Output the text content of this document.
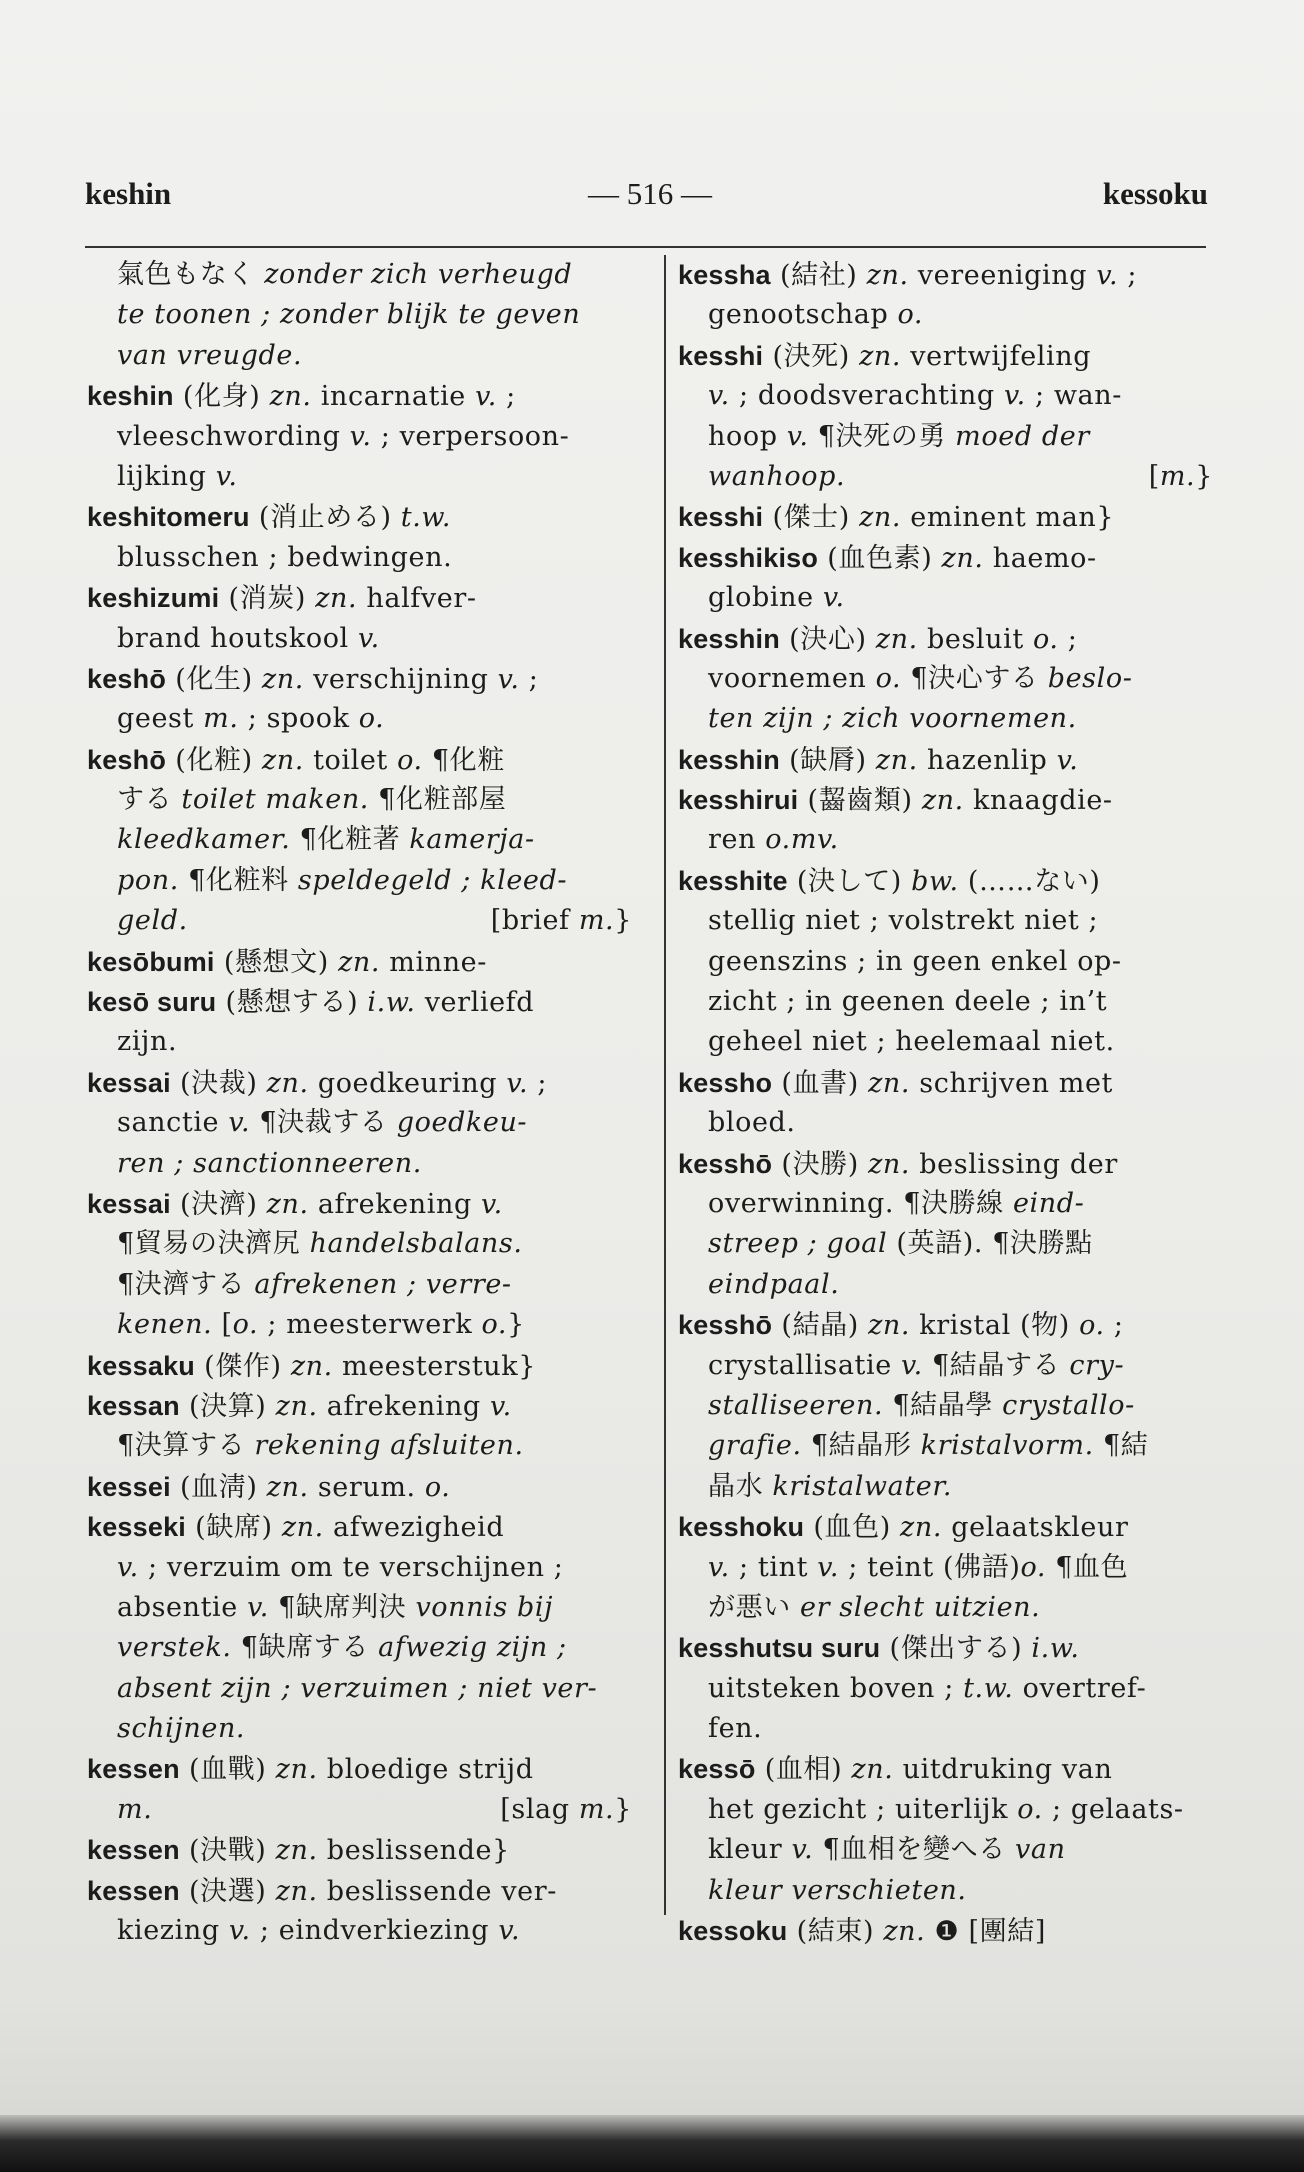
keshin	— 516 —	kessoku
氣色もなく zonder zich verheugd
te toonen ; zonder blijk te geven
van vreugde.
keshin (化身) zn. incarnatie v. ;
vleeschwording v. ; verpersoon-
lijking v.
keshitomeru (消止める) t.w.
blusschen ; bedwingen.
keshizumi (消炭) zn. halfver-
brand houtskool v.
keshō (化生) zn. verschijning v. ;
geest m. ; spook o.
keshō (化粧) zn. toilet o. ¶化粧
する toilet maken. ¶化粧部屋
kleedkamer. ¶化粧著 kamerja-
pon. ¶化粧料 speldegeld ; kleed-
[brief m.}
geld.
kesōbumi (懸想文) zn. minne-
kesō suru (懸想する) i.w. verliefd
zijn.
kessai (決裁) zn. goedkeuring v. ;
sanctie v. ¶決裁する goedkeu-
ren ; sanctionneeren.
kessai (決濟) zn. afrekening v.
¶貿易の決濟尻 handelsbalans.
¶決濟する afrekenen ; verre-
kenen. [o. ; meesterwerk o.}
kessaku (傑作) zn. meesterstuk}
kessan (決算) zn. afrekening v.
¶決算する rekening afsluiten.
kessei (血淸) zn. serum. o.
kesseki (缺席) zn. afwezigheid
v. ; verzuim om te verschijnen ;
absentie v. ¶缺席判決 vonnis bij
verstek. ¶缺席する afwezig zijn ;
absent zijn ; verzuimen ; niet ver-
schijnen.
kessen (血戰) zn. bloedige strijd
[slag m.}
m.
kessen (決戰) zn. beslissende}
kessen (決選) zn. beslissende ver-
kiezing v. ; eindverkiezing v.
kessha (結社) zn. vereeniging v. ;
genootschap o.
kesshi (決死) zn. vertwijfeling
v. ; doodsverachting v. ; wan-
hoop v. ¶決死の勇 moed der
[m.}
wanhoop.
kesshi (傑士) zn. eminent man}
kesshikiso (血色素) zn. haemo-
globine v.
kesshin (決心) zn. besluit o. ;
voornemen o. ¶決心する beslo-
ten zijn ; zich voornemen.
kesshin (缺脣) zn. hazenlip v.
kesshirui (齧齒類) zn. knaagdie-
ren o.mv.
kesshite (決して) bw. (……ない)
stellig niet ; volstrekt niet ;
geenszins ; in geen enkel op-
zicht ; in geenen deele ; in’t
geheel niet ; heelemaal niet.
kessho (血書) zn. schrijven met
bloed.
kesshō (決勝) zn. beslissing der
overwinning. ¶決勝線 eind-
streep ; goal (英語). ¶決勝點
eindpaal.
kesshō (結晶) zn. kristal (物) o. ;
crystallisatie v. ¶結晶する cry-
stalliseeren. ¶結晶學 crystallo-
grafie. ¶結晶形 kristalvorm. ¶結
晶水 kristalwater.
kesshoku (血色) zn. gelaatskleur
v. ; tint v. ; teint (佛語)o. ¶血色
が悪い er slecht uitzien.
kesshutsu suru (傑出する) i.w.
uitsteken boven ; t.w. overtref-
fen.
kessō (血相) zn. uitdruking van
het gezicht ; uiterlijk o. ; gelaats-
kleur v. ¶血相を變へる van
kleur verschieten.
kessoku (結束) zn. ❶ [團結]
